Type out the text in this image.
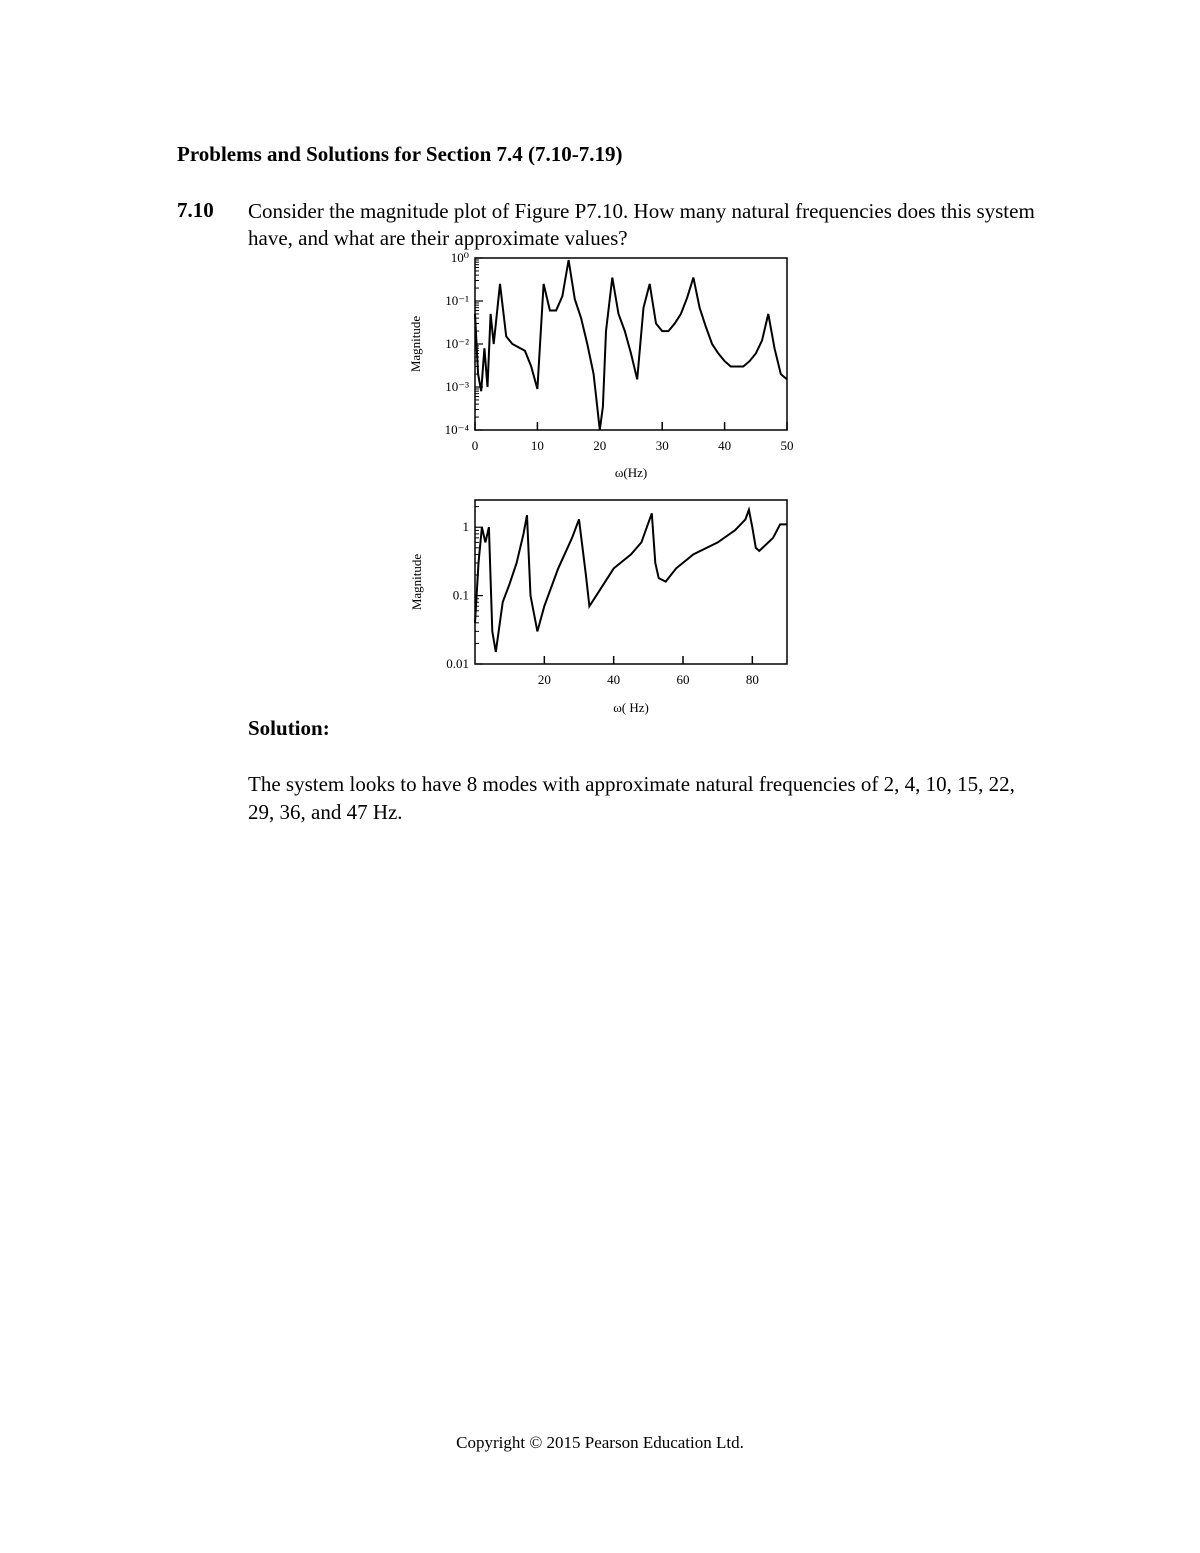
Problems and Solutions for Section 7.4 (7.10-7.19)
7.10 Consider the magnitude plot of Figure P7.10. How many natural frequencies does this system have, and what are their approximate values?
10⁻⁴
10⁻³
10⁻²
10⁻¹
10⁰
0	10	20	30	40	50
Magnitude
ω(Hz)
0.01
0.1
1
20	40	60	80
Magnitude
ω( Hz)
Solution:
The system looks to have 8 modes with approximate natural frequencies of 2, 4, 10, 15, 22, 29, 36, and 47 Hz.
Copyright © 2015 Pearson Education Ltd.
